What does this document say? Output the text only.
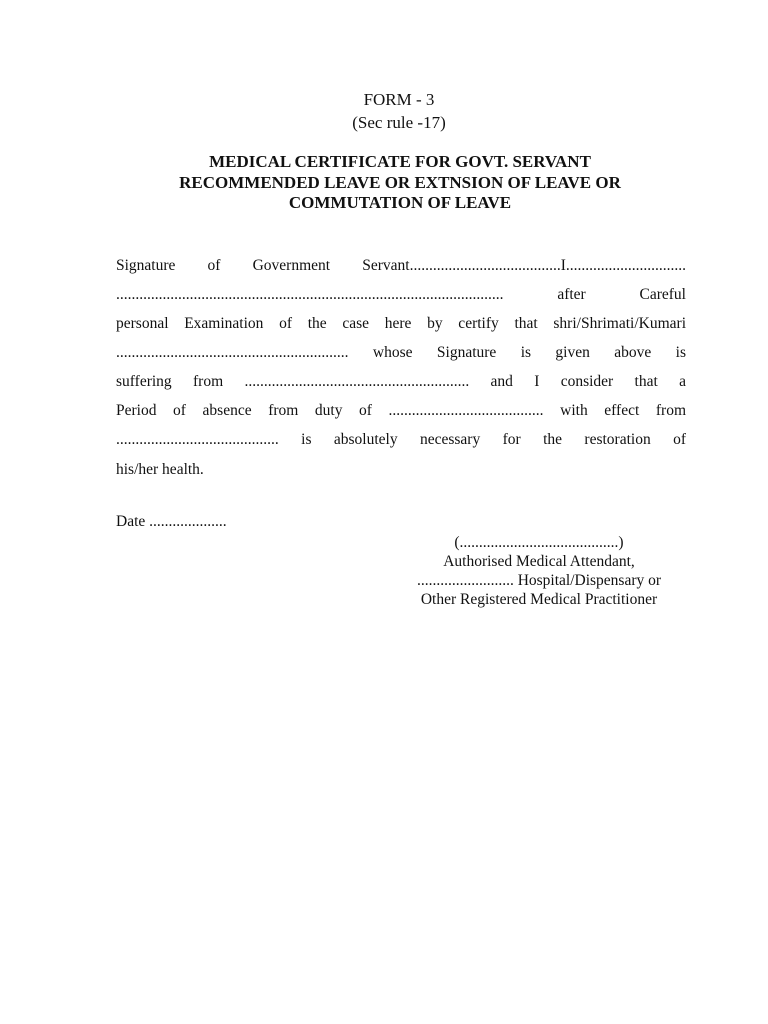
FORM - 3
(Sec rule -17)
MEDICAL CERTIFICATE FOR GOVT. SERVANT
RECOMMENDED LEAVE OR EXTNSION OF LEAVE OR
COMMUTATION OF LEAVE
Signature of Government Servant.......................................I...............................
.................................................................................................... after Careful
personal Examination of the case here by certify that shri/Shrimati/Kumari
............................................................ whose Signature is given above is
suffering from .......................................................... and I consider that a
Period of absence from duty of ........................................ with effect from
.......................................... is absolutely necessary for the restoration of
his/her health.
Date ....................
(.........................................)
Authorised Medical Attendant,
......................... Hospital/Dispensary or
Other Registered Medical Practitioner
